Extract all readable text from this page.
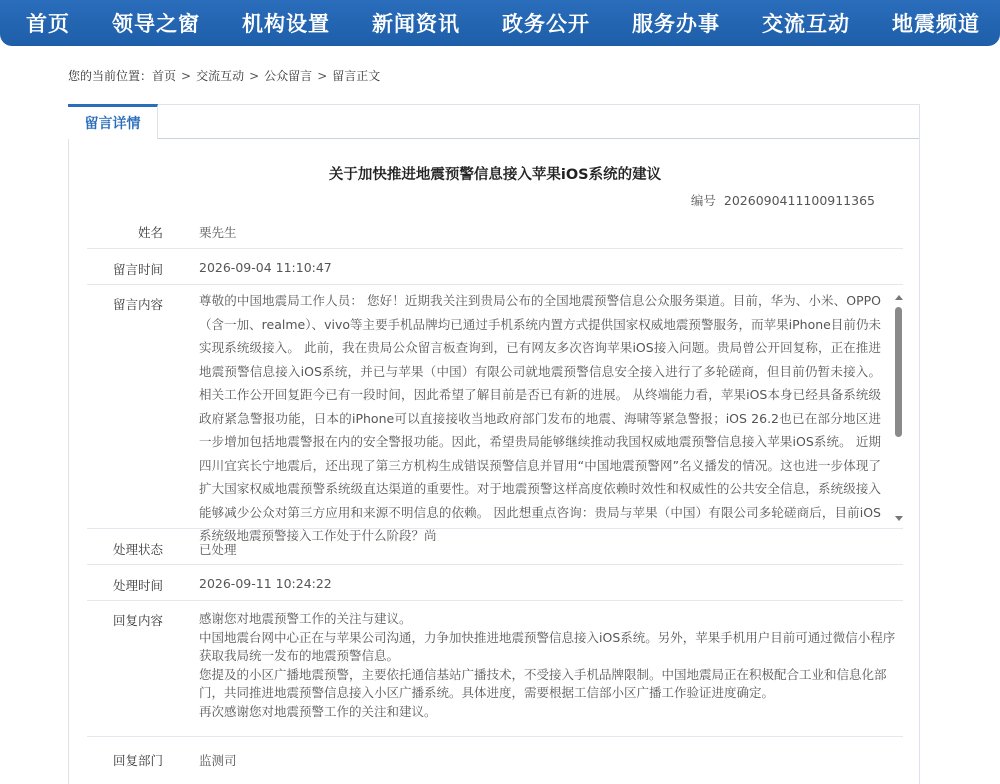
首页 领导之窗 机构设置 新闻资讯 政务公开 服务办事 交流互动 地震频道
您的当前位置：首页 > 交流互动 > 公众留言 > 留言正文
留言详情
关于加快推进地震预警信息接入苹果iOS系统的建议
编号 2026090411100911365
姓名	栗先生
留言时间	2026-09-04 11:10:47
留言内容	尊敬的中国地震局工作人员： 您好！近期我关注到贵局公布的全国地震预警信息公众服务渠道。目前，华为、小米、OPPO（含一加、realme）、vivo等主要手机品牌均已通过手机系统内置方式提供国家权威地震预警服务，而苹果iPhone目前仍未实现系统级接入。 此前，我在贵局公众留言板查询到，已有网友多次咨询苹果iOS接入问题。贵局曾公开回复称，正在推进地震预警信息接入iOS系统，并已与苹果（中国）有限公司就地震预警信息安全接入进行了多轮磋商，但目前仍暂未接入。相关工作公开回复距今已有一段时间，因此希望了解目前是否已有新的进展。 从终端能力看，苹果iOS本身已经具备系统级政府紧急警报功能，日本的iPhone可以直接接收当地政府部门发布的地震、海啸等紧急警报；iOS 26.2也已在部分地区进一步增加包括地震警报在内的安全警报功能。因此，希望贵局能够继续推动我国权威地震预警信息接入苹果iOS系统。 近期四川宜宾长宁地震后，还出现了第三方机构生成错误预警信息并冒用“中国地震预警网”名义播发的情况。这也进一步体现了扩大国家权威地震预警系统级直达渠道的重要性。对于地震预警这样高度依赖时效性和权威性的公共安全信息，系统级接入能够减少公众对第三方应用和来源不明信息的依赖。 因此想重点咨询：贵局与苹果（中国）有限公司多轮磋商后，目前iOS系统级地震预警接入工作处于什么阶段？尚
处理状态	已处理
处理时间	2026-09-11 10:24:22
回复内容	感谢您对地震预警工作的关注与建议。

中国地震台网中心正在与苹果公司沟通，力争加快推进地震预警信息接入iOS系统。另外，苹果手机用户目前可通过微信小程序获取我局统一发布的地震预警信息。

您提及的小区广播地震预警，主要依托通信基站广播技术，不受接入手机品牌限制。中国地震局正在积极配合工业和信息化部门，共同推进地震预警信息接入小区广播系统。具体进度，需要根据工信部小区广播工作验证进度确定。

再次感谢您对地震预警工作的关注和建议。

回复部门	监测司
